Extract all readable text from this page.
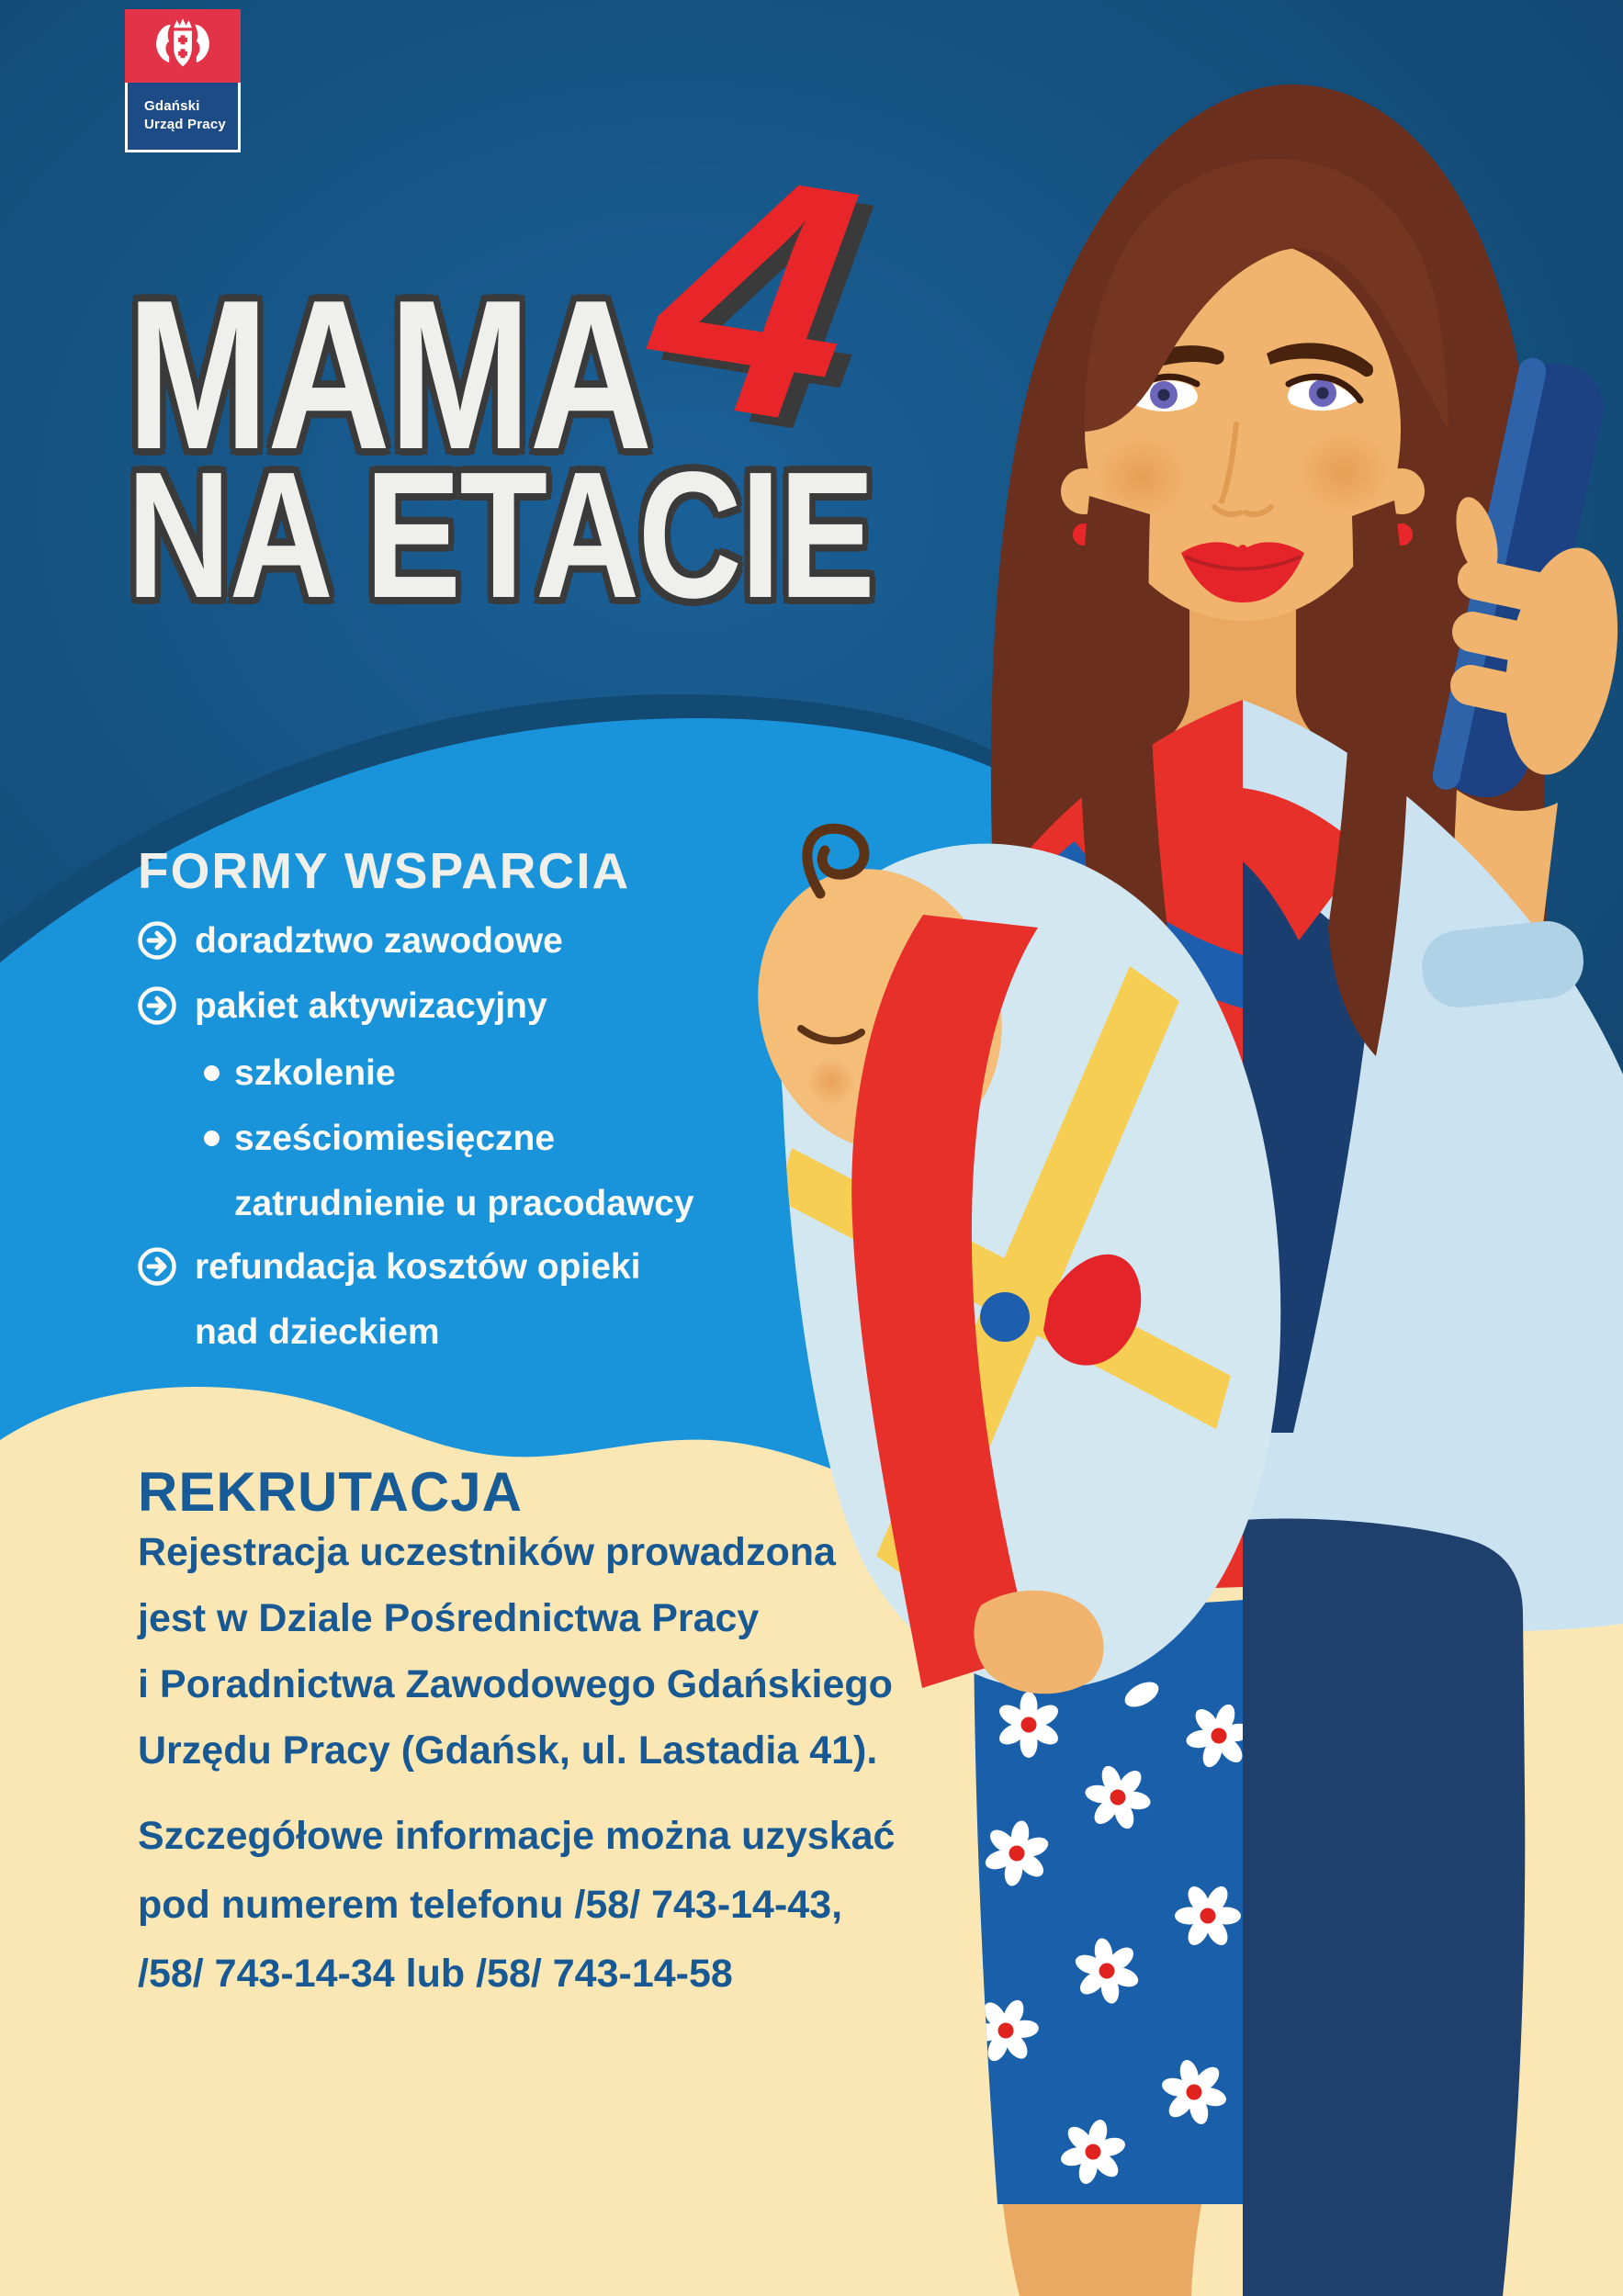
Gdański
Urząd Pracy
MAMA
4
NA ETACIE
FORMY WSPARCIA
doradztwo zawodowe
pakiet aktywizacyjny
szkolenie
sześciomiesięczne
zatrudnienie u pracodawcy
refundacja kosztów opieki
nad dzieckiem
REKRUTACJA
Rejestracja uczestników prowadzona
jest w Dziale Pośrednictwa Pracy
i Poradnictwa Zawodowego Gdańskiego
Urzędu Pracy (Gdańsk, ul. Lastadia 41).
Szczegółowe informacje można uzyskać
pod numerem telefonu /58/ 743-14-43,
/58/ 743-14-34 lub /58/ 743-14-58
